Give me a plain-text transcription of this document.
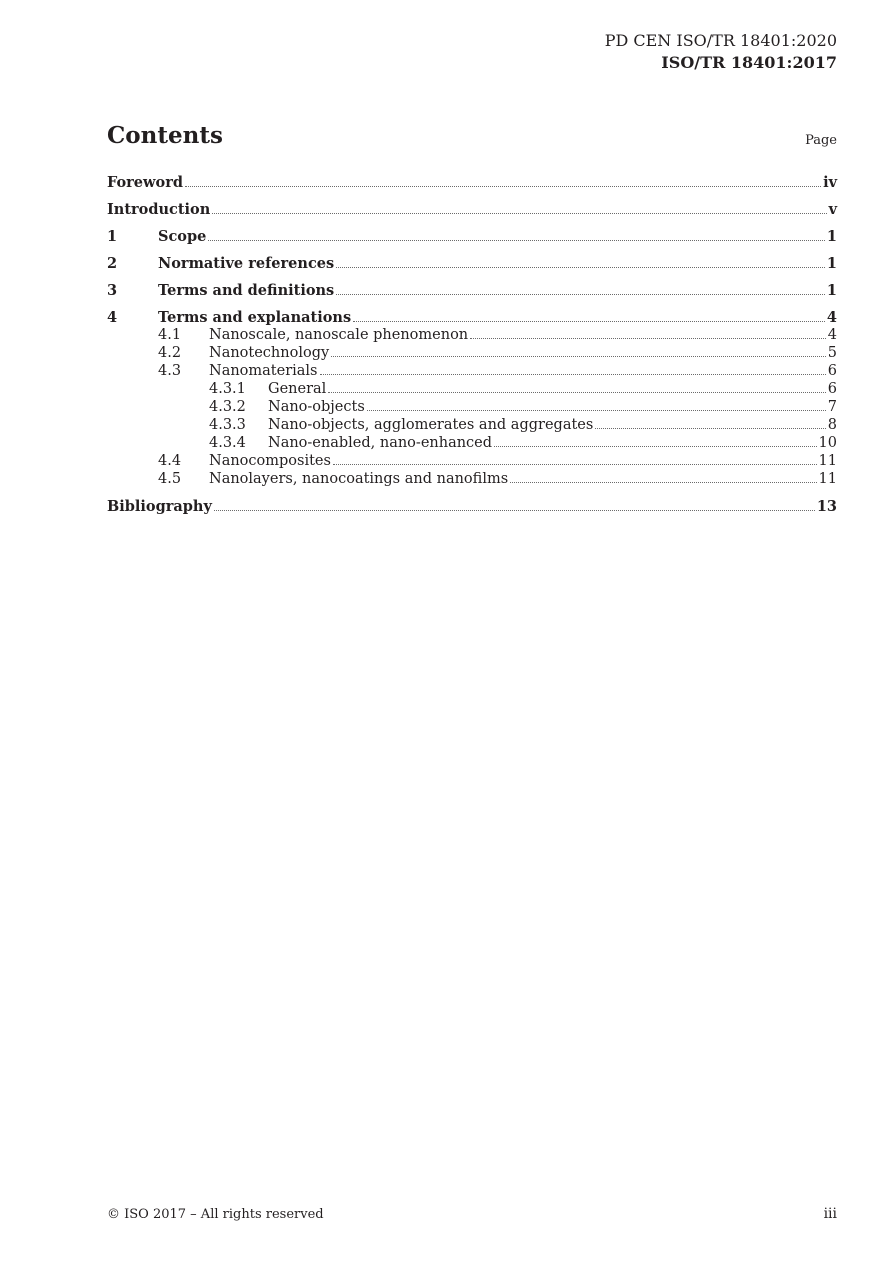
PD CEN ISO/TR 18401:2020
ISO/TR 18401:2017
Contents	Page
Foreword	iv
Introduction	v
1	Scope	1
2	Normative references	1
3	Terms and definitions	1
4	Terms and explanations	4
4.1	Nanoscale, nanoscale phenomenon	4
4.2	Nanotechnology	5
4.3	Nanomaterials	6
4.3.1	General	6
4.3.2	Nano-objects	7
4.3.3	Nano-objects, agglomerates and aggregates	8
4.3.4	Nano-enabled, nano-enhanced	10
4.4	Nanocomposites	11
4.5	Nanolayers, nanocoatings and nanofilms	11
Bibliography	13
© ISO 2017 – All rights reserved	iii
